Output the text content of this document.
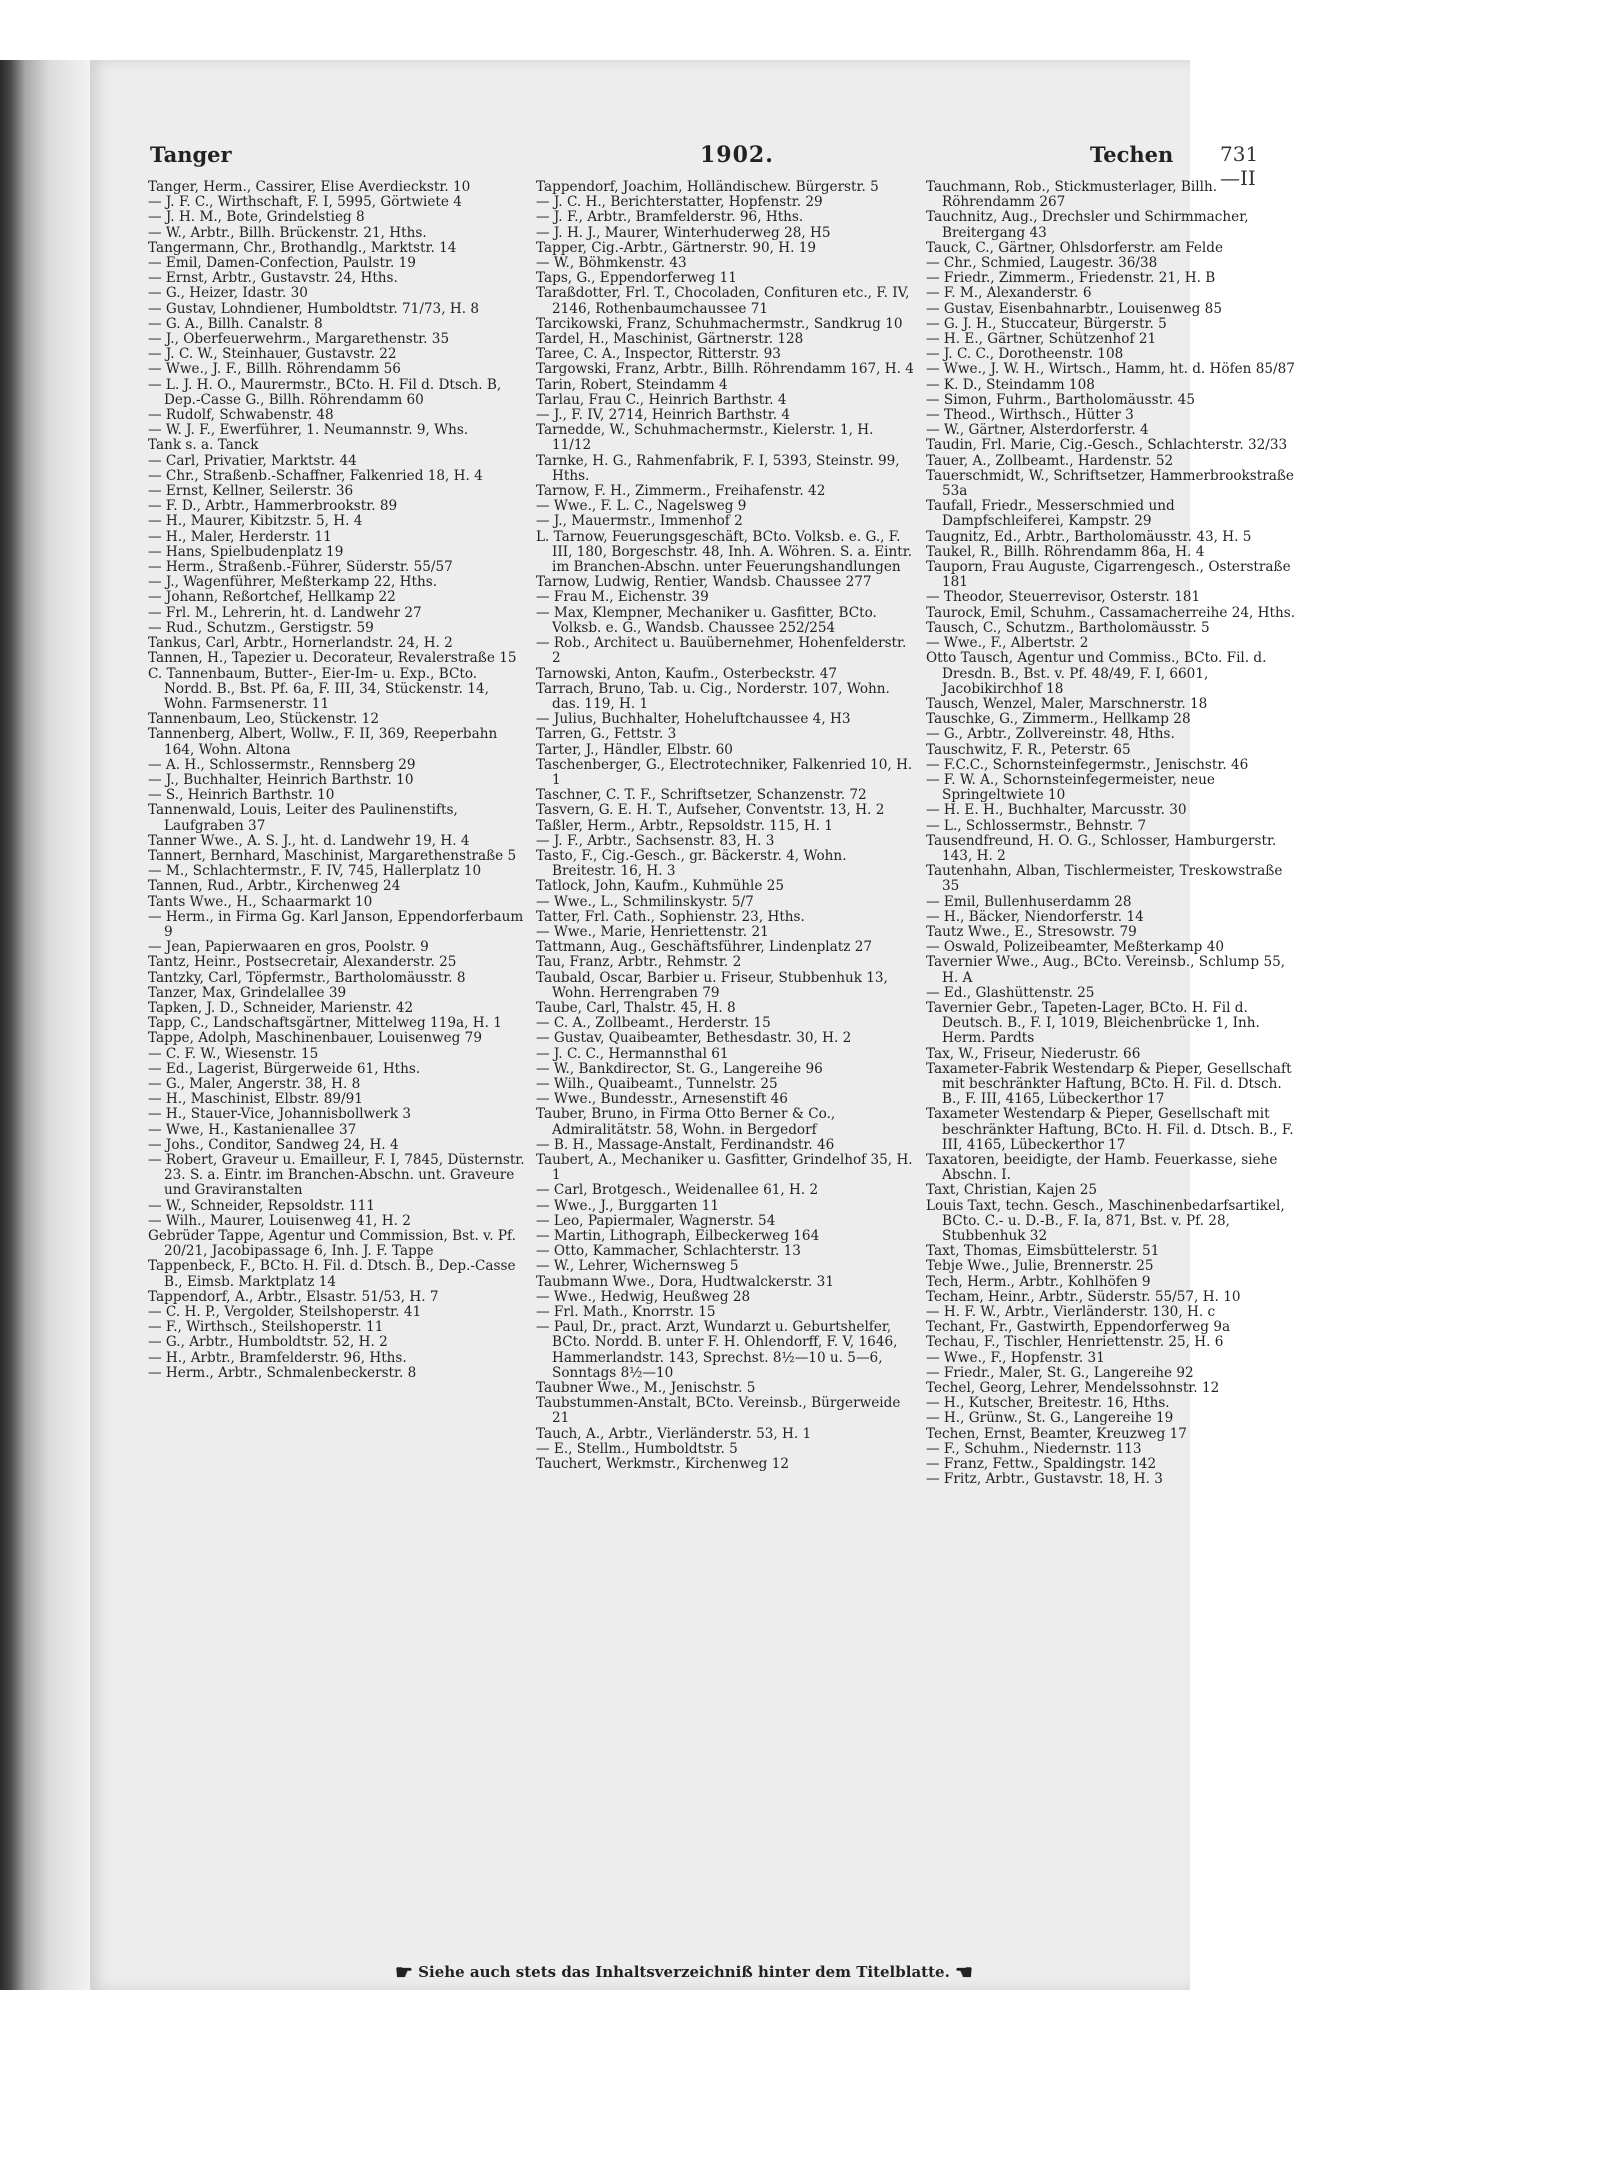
Tanger	1902.	Techen 731—II
Tanger, Herm., Cassirer, Elise Averdieckstr. 10
— J. F. C., Wirthschaft, F. I, 5995, Görtwiete 4
— J. H. M., Bote, Grindelstieg 8
— W., Arbtr., Billh. Brückenstr. 21, Hths.
Tangermann, Chr., Brothandlg., Marktstr. 14
— Emil, Damen-Confection, Paulstr. 19
— Ernst, Arbtr., Gustavstr. 24, Hths.
— G., Heizer, Idastr. 30
— Gustav, Lohndiener, Humboldtstr. 71/73, H. 8
— G. A., Billh. Canalstr. 8
— J., Oberfeuerwehrm., Margarethenstr. 35
— J. C. W., Steinhauer, Gustavstr. 22
— Wwe., J. F., Billh. Röhrendamm 56
— L. J. H. O., Maurermstr., BCto. H. Fil d. Dtsch. B, Dep.-Casse G., Billh. Röhrendamm 60
— Rudolf, Schwabenstr. 48
— W. J. F., Ewerführer, 1. Neumannstr. 9, Whs.
Tank s. a. Tanck
— Carl, Privatier, Marktstr. 44
— Chr., Straßenb.-Schaffner, Falkenried 18, H. 4
— Ernst, Kellner, Seilerstr. 36
— F. D., Arbtr., Hammerbrookstr. 89
— H., Maurer, Kibitzstr. 5, H. 4
— H., Maler, Herderstr. 11
— Hans, Spielbudenplatz 19
— Herm., Straßenb.-Führer, Süderstr. 55/57
— J., Wagenführer, Meßterkamp 22, Hths.
— Johann, Reßortchef, Hellkamp 22
— Frl. M., Lehrerin, ht. d. Landwehr 27
— Rud., Schutzm., Gerstigstr. 59
Tankus, Carl, Arbtr., Hornerlandstr. 24, H. 2
Tannen, H., Tapezier u. Decorateur, Revalerstraße 15
C. Tannenbaum, Butter-, Eier-Im- u. Exp., BCto. Nordd. B., Bst. Pf. 6a, F. III, 34, Stückenstr. 14, Wohn. Farmsenerstr. 11
Tannenbaum, Leo, Stückenstr. 12
Tannenberg, Albert, Wollw., F. II, 369, Reeperbahn 164, Wohn. Altona
— A. H., Schlossermstr., Rennsberg 29
— J., Buchhalter, Heinrich Barthstr. 10
— S., Heinrich Barthstr. 10
Tannenwald, Louis, Leiter des Paulinenstifts, Laufgraben 37
Tanner Wwe., A. S. J., ht. d. Landwehr 19, H. 4
Tannert, Bernhard, Maschinist, Margarethenstraße 5
— M., Schlachtermstr., F. IV, 745, Hallerplatz 10
Tannen, Rud., Arbtr., Kirchenweg 24
Tants Wwe., H., Schaarmarkt 10
— Herm., in Firma Gg. Karl Janson, Eppendorferbaum 9
— Jean, Papierwaaren en gros, Poolstr. 9
Tantz, Heinr., Postsecretair, Alexanderstr. 25
Tantzky, Carl, Töpfermstr., Bartholomäusstr. 8
Tanzer, Max, Grindelallee 39
Tapken, J. D., Schneider, Marienstr. 42
Tapp, C., Landschaftsgärtner, Mittelweg 119a, H. 1
Tappe, Adolph, Maschinenbauer, Louisenweg 79
— C. F. W., Wiesenstr. 15
— Ed., Lagerist, Bürgerweide 61, Hths.
— G., Maler, Angerstr. 38, H. 8
— H., Maschinist, Elbstr. 89/91
— H., Stauer-Vice, Johannisbollwerk 3
— Wwe, H., Kastanienallee 37
— Johs., Conditor, Sandweg 24, H. 4
— Robert, Graveur u. Emailleur, F. I, 7845, Düsternstr. 23. S. a. Eintr. im Branchen-Abschn. unt. Graveure und Graviranstalten
— W., Schneider, Repsoldstr. 111
— Wilh., Maurer, Louisenweg 41, H. 2
Gebrüder Tappe, Agentur und Commission, Bst. v. Pf. 20/21, Jacobipassage 6, Inh. J. F. Tappe
Tappenbeck, F., BCto. H. Fil. d. Dtsch. B., Dep.-Casse B., Eimsb. Marktplatz 14
Tappendorf, A., Arbtr., Elsastr. 51/53, H. 7
— C. H. P., Vergolder, Steilshoperstr. 41
— F., Wirthsch., Steilshoperstr. 11
— G., Arbtr., Humboldtstr. 52, H. 2
— H., Arbtr., Bramfelderstr. 96, Hths.
— Herm., Arbtr., Schmalenbeckerstr. 8
Tappendorf, Joachim, Holländischew. Bürgerstr. 5
— J. C. H., Berichterstatter, Hopfenstr. 29
— J. F., Arbtr., Bramfelderstr. 96, Hths.
— J. H. J., Maurer, Winterhuderweg 28, H5
Tapper, Cig.-Arbtr., Gärtnerstr. 90, H. 19
— W., Böhmkenstr. 43
Taps, G., Eppendorferweg 11
Taraßdotter, Frl. T., Chocoladen, Confituren etc., F. IV, 2146, Rothenbaumchaussee 71
Tarcikowski, Franz, Schuhmachermstr., Sandkrug 10
Tardel, H., Maschinist, Gärtnerstr. 128
Taree, C. A., Inspector, Ritterstr. 93
Targowski, Franz, Arbtr., Billh. Röhrendamm 167, H. 4
Tarin, Robert, Steindamm 4
Tarlau, Frau C., Heinrich Barthstr. 4
— J., F. IV, 2714, Heinrich Barthstr. 4
Tarnedde, W., Schuhmachermstr., Kielerstr. 1, H. 11/12
Tarnke, H. G., Rahmenfabrik, F. I, 5393, Steinstr. 99, Hths.
Tarnow, F. H., Zimmerm., Freihafenstr. 42
— Wwe., F. L. C., Nagelsweg 9
— J., Mauermstr., Immenhof 2
L. Tarnow, Feuerungsgeschäft, BCto. Volksb. e. G., F. III, 180, Borgeschstr. 48, Inh. A. Wöhren. S. a. Eintr. im Branchen-Abschn. unter Feuerungshandlungen
Tarnow, Ludwig, Rentier, Wandsb. Chaussee 277
— Frau M., Eichenstr. 39
— Max, Klempner, Mechaniker u. Gasfitter, BCto. Volksb. e. G., Wandsb. Chaussee 252/254
— Rob., Architect u. Bauübernehmer, Hohenfelderstr. 2
Tarnowski, Anton, Kaufm., Osterbeckstr. 47
Tarrach, Bruno, Tab. u. Cig., Norderstr. 107, Wohn. das. 119, H. 1
— Julius, Buchhalter, Hoheluftchaussee 4, H3
Tarren, G., Fettstr. 3
Tarter, J., Händler, Elbstr. 60
Taschenberger, G., Electrotechniker, Falkenried 10, H. 1
Taschner, C. T. F., Schriftsetzer, Schanzenstr. 72
Tasvern, G. E. H. T., Aufseher, Conventstr. 13, H. 2
Taßler, Herm., Arbtr., Repsoldstr. 115, H. 1
— J. F., Arbtr., Sachsenstr. 83, H. 3
Tasto, F., Cig.-Gesch., gr. Bäckerstr. 4, Wohn. Breitestr. 16, H. 3
Tatlock, John, Kaufm., Kuhmühle 25
— Wwe., L., Schmilinskystr. 5/7
Tatter, Frl. Cath., Sophienstr. 23, Hths.
— Wwe., Marie, Henriettenstr. 21
Tattmann, Aug., Geschäftsführer, Lindenplatz 27
Tau, Franz, Arbtr., Rehmstr. 2
Taubald, Oscar, Barbier u. Friseur, Stubbenhuk 13, Wohn. Herrengraben 79
Taube, Carl, Thalstr. 45, H. 8
— C. A., Zollbeamt., Herderstr. 15
— Gustav, Quaibeamter, Bethesdastr. 30, H. 2
— J. C. C., Hermannsthal 61
— W., Bankdirector, St. G., Langereihe 96
— Wilh., Quaibeamt., Tunnelstr. 25
— Wwe., Bundesstr., Arnesenstift 46
Tauber, Bruno, in Firma Otto Berner & Co., Admiralitätstr. 58, Wohn. in Bergedorf
— B. H., Massage-Anstalt, Ferdinandstr. 46
Taubert, A., Mechaniker u. Gasfitter, Grindelhof 35, H. 1
— Carl, Brotgesch., Weidenallee 61, H. 2
— Wwe., J., Burggarten 11
— Leo, Papiermaler, Wagnerstr. 54
— Martin, Lithograph, Eilbeckerweg 164
— Otto, Kammacher, Schlachterstr. 13
— W., Lehrer, Wichernsweg 5
Taubmann Wwe., Dora, Hudtwalckerstr. 31
— Wwe., Hedwig, Heußweg 28
— Frl. Math., Knorrstr. 15
— Paul, Dr., pract. Arzt, Wundarzt u. Geburtshelfer, BCto. Nordd. B. unter F. H. Ohlendorff, F. V, 1646, Hammerlandstr. 143, Sprechst. 8½—10 u. 5—6, Sonntags 8½—10
Taubner Wwe., M., Jenischstr. 5
Taubstummen-Anstalt, BCto. Vereinsb., Bürgerweide 21
Tauch, A., Arbtr., Vierländerstr. 53, H. 1
— E., Stellm., Humboldtstr. 5
Tauchert, Werkmstr., Kirchenweg 12
Tauchmann, Rob., Stickmusterlager, Billh. Röhrendamm 267
Tauchnitz, Aug., Drechsler und Schirmmacher, Breitergang 43
Tauck, C., Gärtner, Ohlsdorferstr. am Felde
— Chr., Schmied, Laugestr. 36/38
— Friedr., Zimmerm., Friedenstr. 21, H. B
— F. M., Alexanderstr. 6
— Gustav, Eisenbahnarbtr., Louisenweg 85
— G. J. H., Stuccateur, Bürgerstr. 5
— H. E., Gärtner, Schützenhof 21
— J. C. C., Dorotheenstr. 108
— Wwe., J. W. H., Wirtsch., Hamm, ht. d. Höfen 85/87
— K. D., Steindamm 108
— Simon, Fuhrm., Bartholomäusstr. 45
— Theod., Wirthsch., Hütter 3
— W., Gärtner, Alsterdorferstr. 4
Taudin, Frl. Marie, Cig.-Gesch., Schlachterstr. 32/33
Tauer, A., Zollbeamt., Hardenstr. 52
Tauerschmidt, W., Schriftsetzer, Hammerbrookstraße 53a
Taufall, Friedr., Messerschmied und Dampfschleiferei, Kampstr. 29
Taugnitz, Ed., Arbtr., Bartholomäusstr. 43, H. 5
Taukel, R., Billh. Röhrendamm 86a, H. 4
Tauporn, Frau Auguste, Cigarrengesch., Osterstraße 181
— Theodor, Steuerrevisor, Osterstr. 181
Taurock, Emil, Schuhm., Cassamacherreihe 24, Hths.
Tausch, C., Schutzm., Bartholomäusstr. 5
— Wwe., F., Albertstr. 2
Otto Tausch, Agentur und Commiss., BCto. Fil. d. Dresdn. B., Bst. v. Pf. 48/49, F. I, 6601, Jacobikirchhof 18
Tausch, Wenzel, Maler, Marschnerstr. 18
Tauschke, G., Zimmerm., Hellkamp 28
— G., Arbtr., Zollvereinstr. 48, Hths.
Tauschwitz, F. R., Peterstr. 65
— F.C.C., Schornsteinfegermstr., Jenischstr. 46
— F. W. A., Schornsteinfegermeister, neue Springeltwiete 10
— H. E. H., Buchhalter, Marcusstr. 30
— L., Schlossermstr., Behnstr. 7
Tausendfreund, H. O. G., Schlosser, Hamburgerstr. 143, H. 2
Tautenhahn, Alban, Tischlermeister, Treskowstraße 35
— Emil, Bullenhuserdamm 28
— H., Bäcker, Niendorferstr. 14
Tautz Wwe., E., Stresowstr. 79
— Oswald, Polizeibeamter, Meßterkamp 40
Tavernier Wwe., Aug., BCto. Vereinsb., Schlump 55, H. A
— Ed., Glashüttenstr. 25
Tavernier Gebr., Tapeten-Lager, BCto. H. Fil d. Deutsch. B., F. I, 1019, Bleichenbrücke 1, Inh. Herm. Pardts
Tax, W., Friseur, Niederustr. 66
Taxameter-Fabrik Westendarp & Pieper, Gesellschaft mit beschränkter Haftung, BCto. H. Fil. d. Dtsch. B., F. III, 4165, Lübeckerthor 17
Taxameter Westendarp & Pieper, Gesellschaft mit beschränkter Haftung, BCto. H. Fil. d. Dtsch. B., F. III, 4165, Lübeckerthor 17
Taxatoren, beeidigte, der Hamb. Feuerkasse, siehe Abschn. I.
Taxt, Christian, Kajen 25
Louis Taxt, techn. Gesch., Maschinenbedarfsartikel, BCto. C.- u. D.-B., F. Ia, 871, Bst. v. Pf. 28, Stubbenhuk 32
Taxt, Thomas, Eimsbüttelerstr. 51
Tebje Wwe., Julie, Brennerstr. 25
Tech, Herm., Arbtr., Kohlhöfen 9
Techam, Heinr., Arbtr., Süderstr. 55/57, H. 10
— H. F. W., Arbtr., Vierländerstr. 130, H. c
Techant, Fr., Gastwirth, Eppendorferweg 9a
Techau, F., Tischler, Henriettenstr. 25, H. 6
— Wwe., F., Hopfenstr. 31
— Friedr., Maler, St. G., Langereihe 92
Techel, Georg, Lehrer, Mendelssohnstr. 12
— H., Kutscher, Breitestr. 16, Hths.
— H., Grünw., St. G., Langereihe 19
Techen, Ernst, Beamter, Kreuzweg 17
— F., Schuhm., Niedernstr. 113
— Franz, Fettw., Spaldingstr. 142
— Fritz, Arbtr., Gustavstr. 18, H. 3
☛ Siehe auch stets das Inhaltsverzeichniß hinter dem Titelblatte. ☚
